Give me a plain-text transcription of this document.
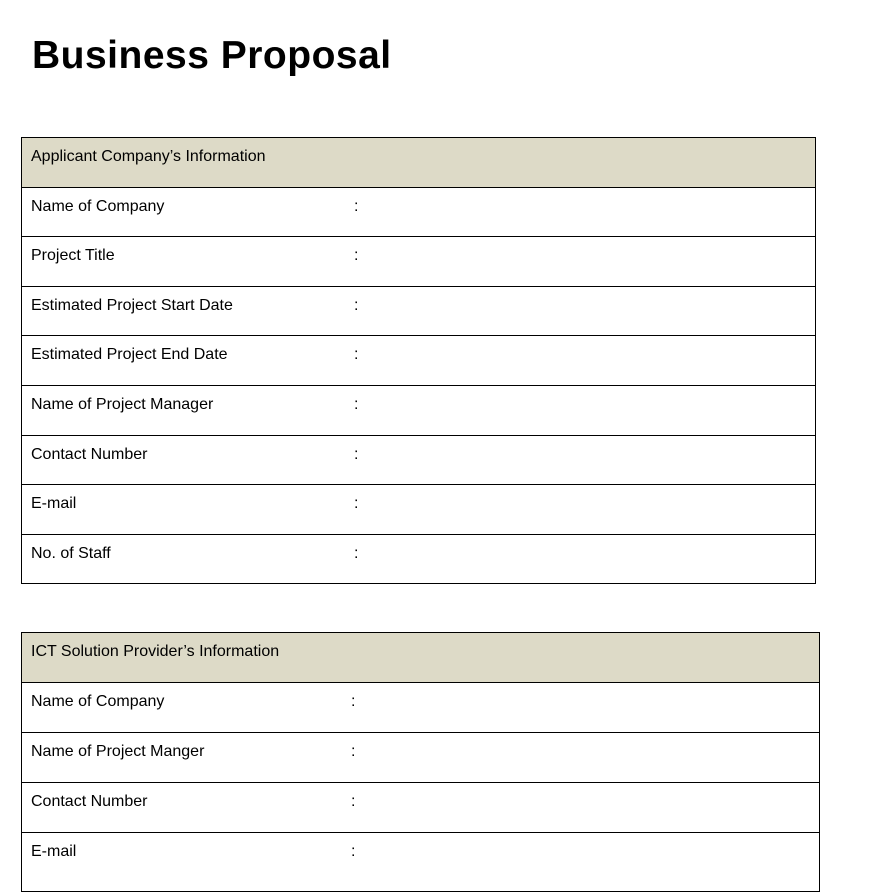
Business Proposal
Applicant Company’s Information
Name of Company	:
Project Title	:
Estimated Project Start Date	:
Estimated Project End Date	:
Name of Project Manager	:
Contact Number	:
E-mail	:
No. of Staff	:
ICT Solution Provider’s Information
Name of Company	:
Name of Project Manger	:
Contact Number	:
E-mail	:
